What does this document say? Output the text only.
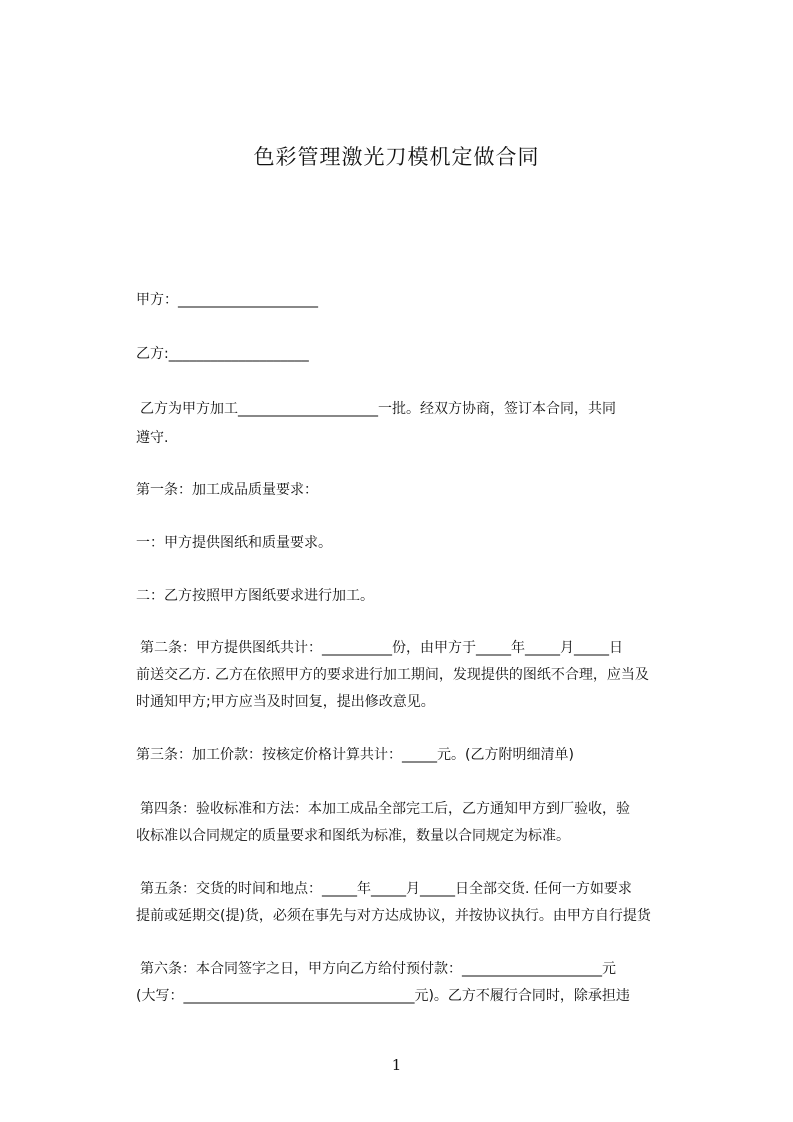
色彩管理激光刀模机定做合同
甲方：____________________
乙方:____________________
乙方为甲方加工____________________一批。经双方协商，签订本合同，共同
遵守.
第一条：加工成品质量要求：
一：甲方提供图纸和质量要求。
二：乙方按照甲方图纸要求进行加工。
第二条：甲方提供图纸共计：__________份，由甲方于_____年_____月_____日
前送交乙方. 乙方在依照甲方的要求进行加工期间，发现提供的图纸不合理，应当及
时通知甲方;甲方应当及时回复，提出修改意见。
第三条：加工价款：按核定价格计算共计：_____元。(乙方附明细清单)
第四条：验收标准和方法：本加工成品全部完工后，乙方通知甲方到厂验收，验
收标准以合同规定的质量要求和图纸为标准，数量以合同规定为标准。
第五条：交货的时间和地点：_____年_____月_____日全部交货. 任何一方如要求
提前或延期交(提)货，必须在事先与对方达成协议，并按协议执行。由甲方自行提货
第六条：本合同签字之日，甲方向乙方给付预付款：____________________元
(大写：_________________________________元)。乙方不履行合同时，除承担违
1
